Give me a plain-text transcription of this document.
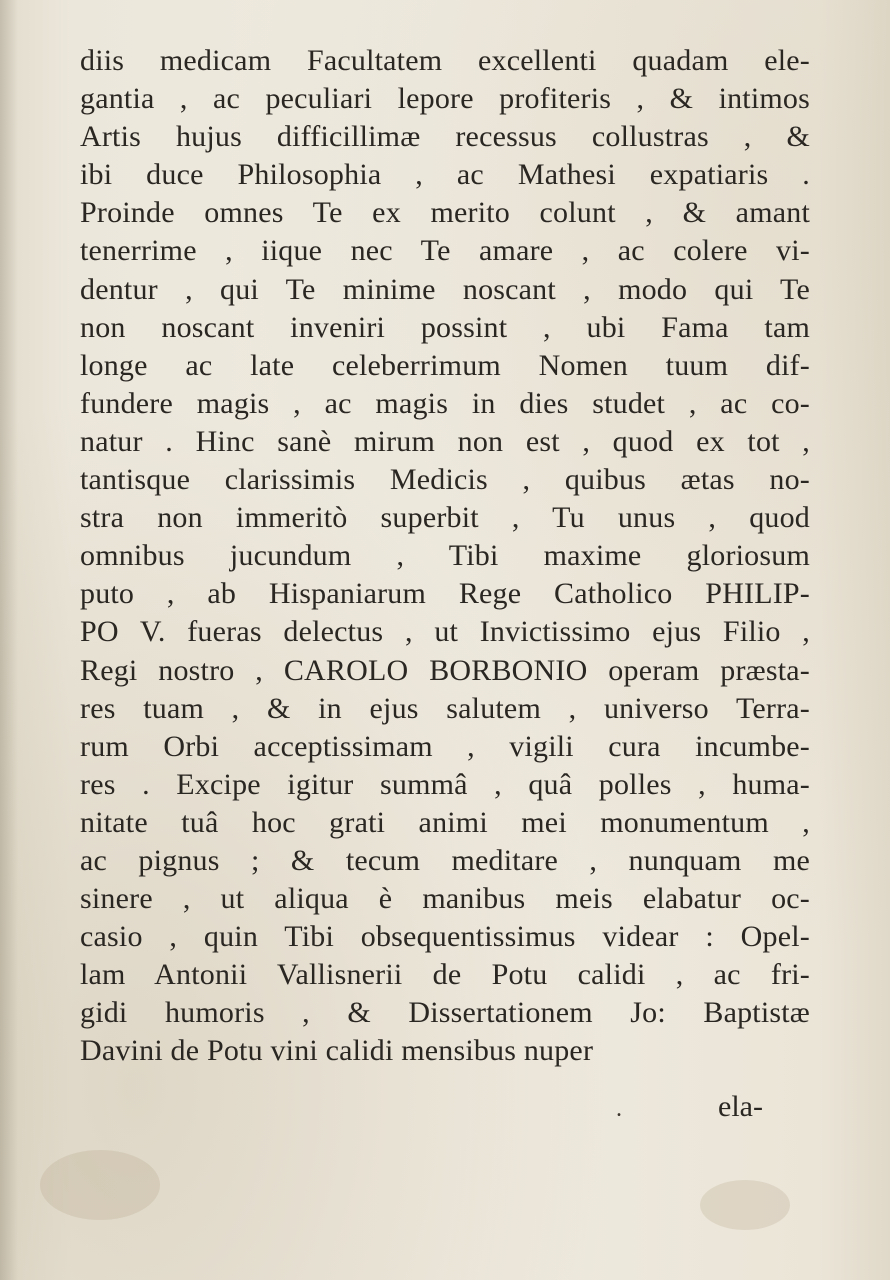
diis medicam Facultatem excellenti quadam ele-
gantia , ac peculiari lepore profiteris , & intimos
Artis hujus difficillimæ recessus collustras , &
ibi duce Philosophia , ac Mathesi expatiaris .
Proinde omnes Te ex merito colunt , & amant
tenerrime , iique nec Te amare , ac colere vi-
dentur , qui Te minime noscant , modo qui Te
non noscant inveniri possint , ubi Fama tam
longe ac late celeberrimum Nomen tuum dif-
fundere magis , ac magis in dies studet , ac co-
natur . Hinc sanè mirum non est , quod ex tot ,
tantisque clarissimis Medicis , quibus ætas no-
stra non immeritò superbit , Tu unus , quod
omnibus jucundum , Tibi maxime gloriosum
puto , ab Hispaniarum Rege Catholico PHILIP-
PO V. fueras delectus , ut Invictissimo ejus Filio ,
Regi nostro , CAROLO BORBONIO operam præsta-
res tuam , & in ejus salutem , universo Terra-
rum Orbi acceptissimam , vigili cura incumbe-
res . Excipe igitur summâ , quâ polles , huma-
nitate tuâ hoc grati animi mei monumentum ,
ac pignus ; & tecum meditare , nunquam me
sinere , ut aliqua è manibus meis elabatur oc-
casio , quin Tibi obsequentissimus videar : Opel-
lam Antonii Vallisnerii de Potu calidi , ac fri-
gidi humoris , & Dissertationem Jo: Baptistæ
Davini de Potu vini calidi mensibus nuper
.	ela-
